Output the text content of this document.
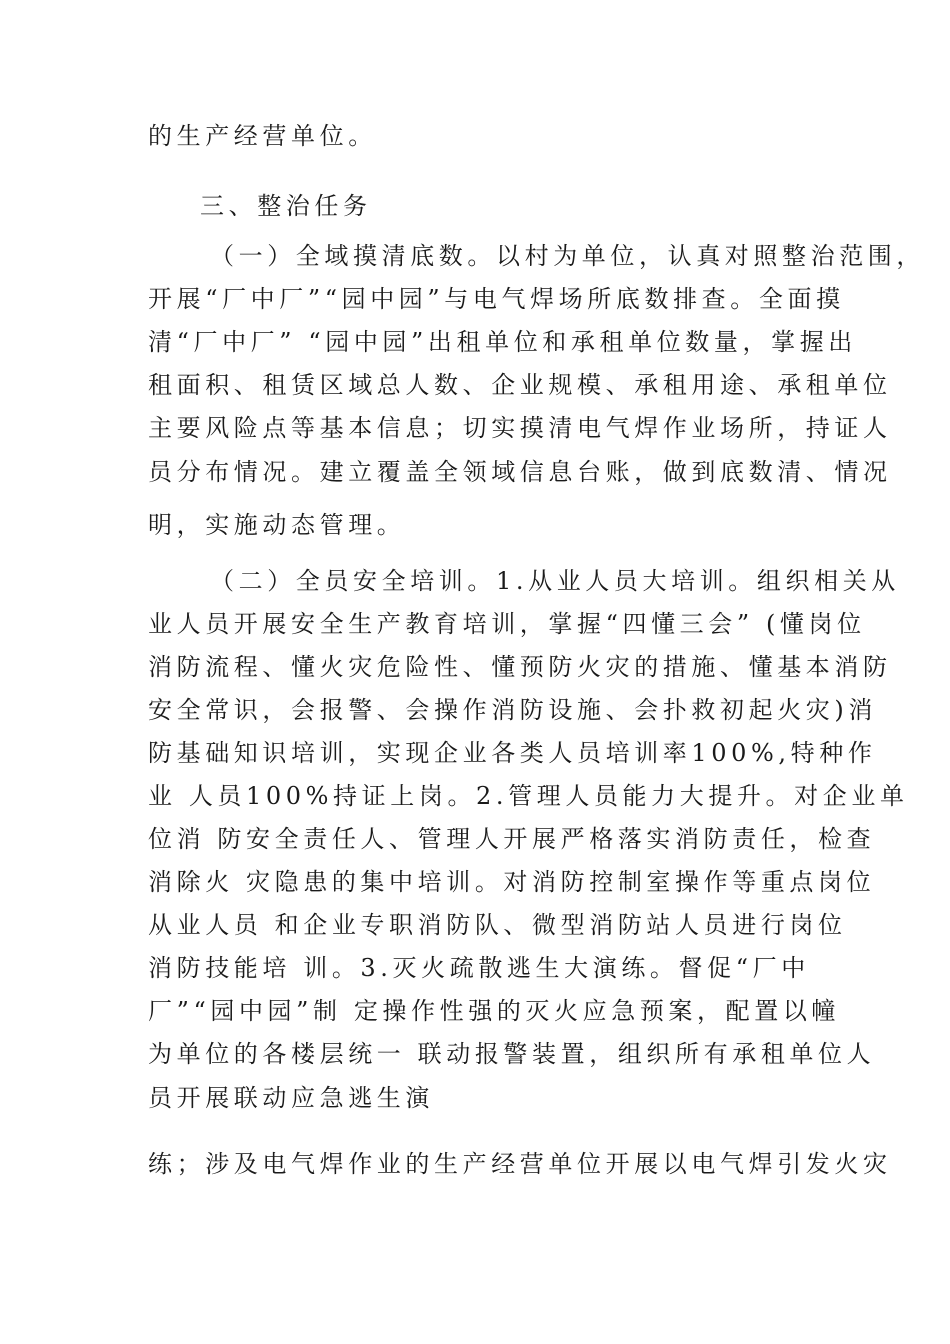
的生产经营单位。
三、整治任务
（一）全域摸清底数。以村为单位，认真对照整治范围，
开展“厂中厂”“园中园”与电气焊场所底数排查。全面摸
清“厂中厂” “园中园”出租单位和承租单位数量，掌握出
租面积、租赁区域总人数、企业规模、承租用途、承租单位
主要风险点等基本信息；切实摸清电气焊作业场所，持证人
员分布情况。建立覆盖全领域信息台账，做到底数清、情况
明，实施动态管理。
（二）全员安全培训。1.从业人员大培训。组织相关从
业人员开展安全生产教育培训，掌握“四懂三会” (懂岗位
消防流程、懂火灾危险性、懂预防火灾的措施、懂基本消防
安全常识，会报警、会操作消防设施、会扑救初起火灾)消
防基础知识培训，实现企业各类人员培训率100%,特种作
业 人员100%持证上岗。2.管理人员能力大提升。对企业单
位消 防安全责任人、管理人开展严格落实消防责任，检查
消除火 灾隐患的集中培训。对消防控制室操作等重点岗位
从业人员 和企业专职消防队、微型消防站人员进行岗位
消防技能培 训。3.灭火疏散逃生大演练。督促“厂中
厂”“园中园”制 定操作性强的灭火应急预案，配置以幢
为单位的各楼层统一 联动报警装置，组织所有承租单位人
员开展联动应急逃生演
练；涉及电气焊作业的生产经营单位开展以电气焊引发火灾
